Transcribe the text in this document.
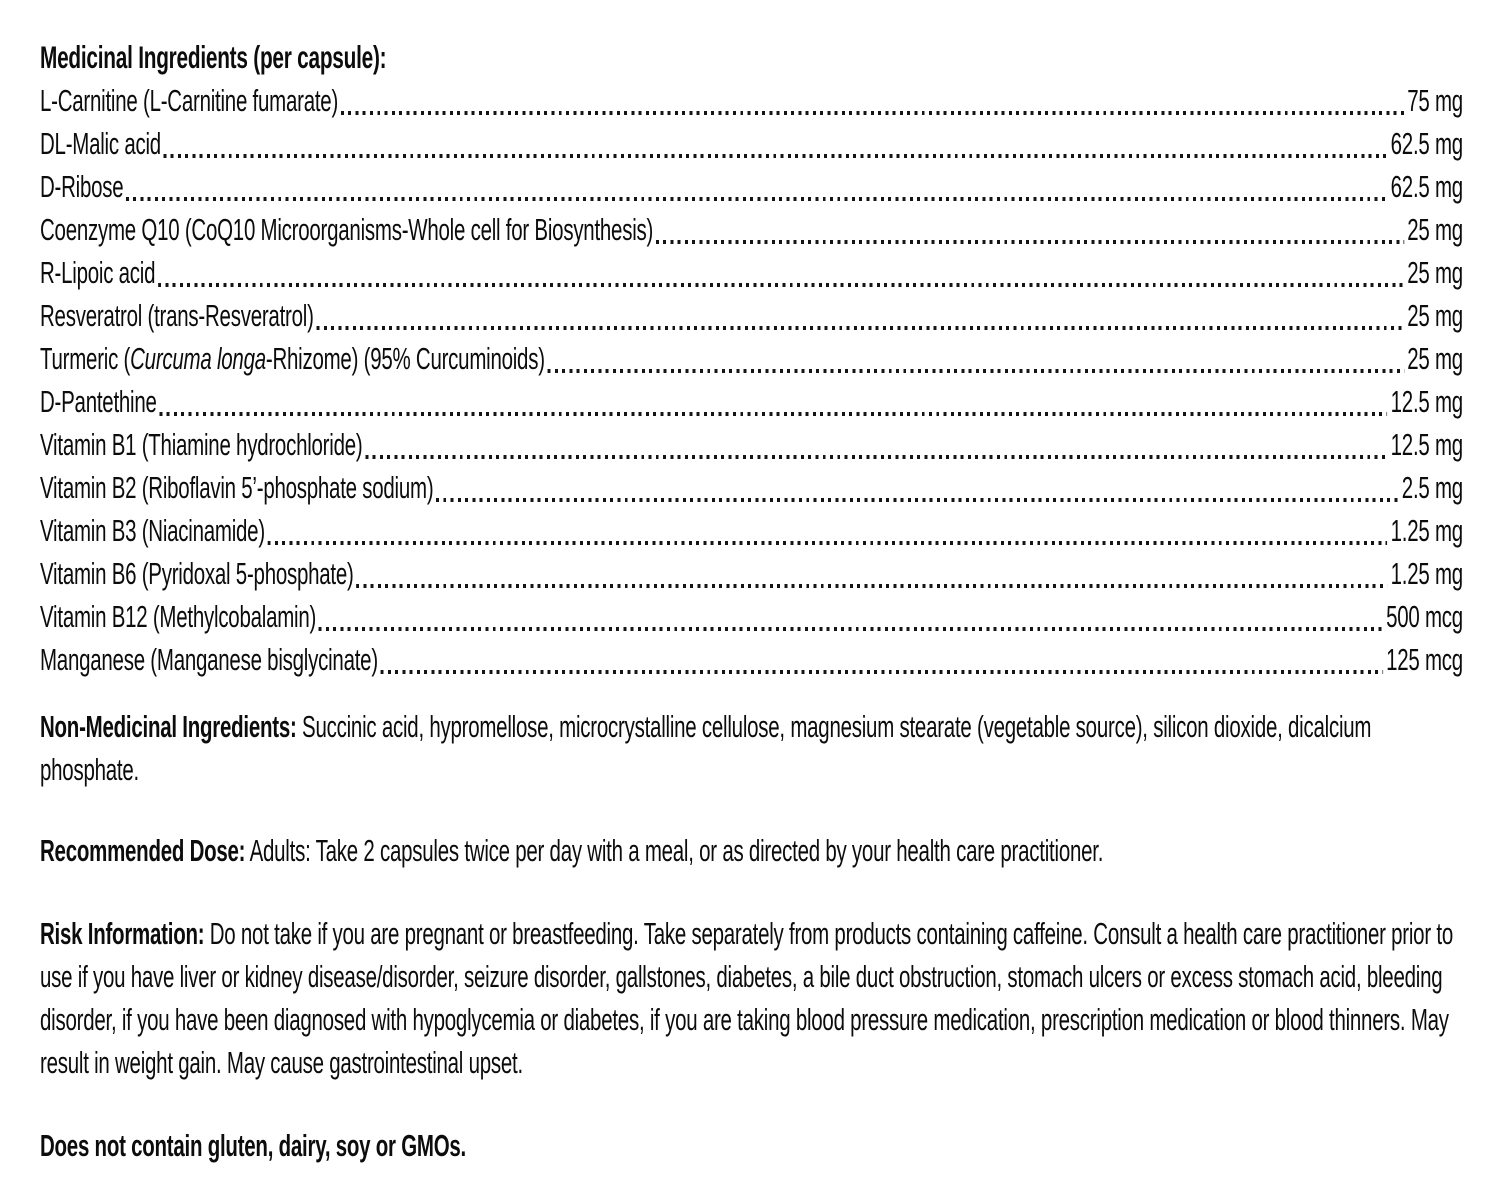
Medicinal Ingredients (per capsule):

L-Carnitine (L-Carnitine fumarate)	75 mg
DL-Malic acid	62.5 mg
D-Ribose	62.5 mg
Coenzyme Q10 (CoQ10 Microorganisms-Whole cell for Biosynthesis)	25 mg
R-Lipoic acid	25 mg
Resveratrol (trans-Resveratrol)	25 mg
Turmeric (Curcuma longa-Rhizome) (95% Curcuminoids)	25 mg
D-Pantethine	12.5 mg
Vitamin B1 (Thiamine hydrochloride)	12.5 mg
Vitamin B2 (Riboflavin 5’-phosphate sodium)	2.5 mg
Vitamin B3 (Niacinamide)	1.25 mg
Vitamin B6 (Pyridoxal 5-phosphate)	1.25 mg
Vitamin B12 (Methylcobalamin)	500 mcg
Manganese (Manganese bisglycinate)	125 mcg

Non-Medicinal Ingredients: Succinic acid, hypromellose, microcrystalline cellulose, magnesium stearate (vegetable source), silicon dioxide, dicalcium phosphate.

Recommended Dose: Adults: Take 2 capsules twice per day with a meal, or as directed by your health care practitioner.

Risk Information: Do not take if you are pregnant or breastfeeding. Take separately from products containing caffeine. Consult a health care practitioner prior to use if you have liver or kidney disease/disorder, seizure disorder, gallstones, diabetes, a bile duct obstruction, stomach ulcers or excess stomach acid, bleeding disorder, if you have been diagnosed with hypoglycemia or diabetes, if you are taking blood pressure medication, prescription medication or blood thinners. May result in weight gain. May cause gastrointestinal upset.

Does not contain gluten, dairy, soy or GMOs.
